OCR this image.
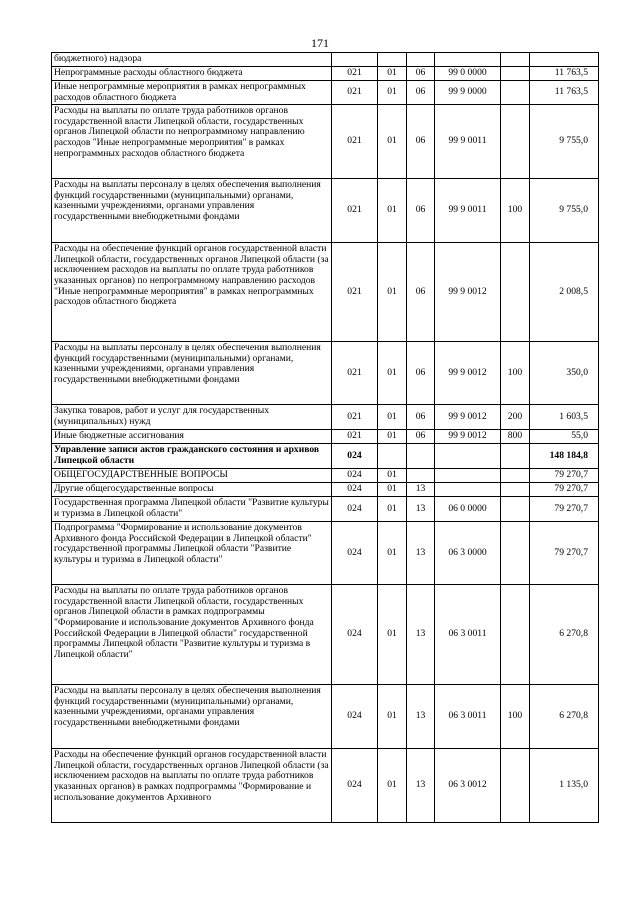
171
бюджетного) надзора						
Непрограммные расходы областного бюджета	021	01	06	99 0 0000		11 763,5
Иные непрограммные мероприятия в рамках непрограммных расходов областного бюджета	021	01	06	99 9 0000		11 763,5
Расходы на выплаты по оплате труда работников органов государственной власти Липецкой области, государственных органов Липецкой области по непрограммному направлению расходов "Иные непрограммные мероприятия" в рамках непрограммных расходов областного бюджета	021	01	06	99 9 0011		9 755,0
Расходы на выплаты персоналу в целях обеспечения выполнения функций государственными (муниципальными) органами, казенными учреждениями, органами управления государственными внебюджетными фондами	021	01	06	99 9 0011	100	9 755,0
Расходы на обеспечение функций органов государственной власти Липецкой области, государственных органов Липецкой области (за исключением расходов на выплаты по оплате труда работников указанных органов) по непрограммному направлению расходов "Иные непрограммные мероприятия" в рамках непрограммных расходов областного бюджета	021	01	06	99 9 0012		2 008,5
Расходы на выплаты персоналу в целях обеспечения выполнения функций государственными (муниципальными) органами, казенными учреждениями, органами управления государственными внебюджетными фондами	021	01	06	99 9 0012	100	350,0
Закупка товаров, работ и услуг для государственных (муниципальных) нужд	021	01	06	99 9 0012	200	1 603,5
Иные бюджетные ассигнования	021	01	06	99 9 0012	800	55,0
Управление записи актов гражданского состояния и архивов Липецкой области	024					148 184,8
ОБЩЕГОСУДАРСТВЕННЫЕ ВОПРОСЫ	024	01				79 270,7
Другие общегосударственные вопросы	024	01	13			79 270,7
Государственная программа Липецкой области "Развитие культуры и туризма в Липецкой области"	024	01	13	06 0 0000		79 270,7
Подпрограмма "Формирование и использование документов Архивного фонда Российской Федерации в Липецкой области" государственной программы Липецкой области "Развитие культуры и туризма в Липецкой области"	024	01	13	06 3 0000		79 270,7
Расходы на выплаты по оплате труда работников органов государственной власти Липецкой области, государственных органов Липецкой области в рамках подпрограммы "Формирование и использование документов Архивного фонда Российской Федерации в Липецкой области" государственной программы Липецкой области "Развитие культуры и туризма в Липецкой области"	024	01	13	06 3 0011		6 270,8
Расходы на выплаты персоналу в целях обеспечения выполнения функций государственными (муниципальными) органами, казенными учреждениями, органами управления государственными внебюджетными фондами	024	01	13	06 3 0011	100	6 270,8
Расходы на обеспечение функций органов государственной власти Липецкой области, государственных органов Липецкой области (за исключением расходов на выплаты по оплате труда работников указанных органов) в рамках подпрограммы "Формирование и использование документов Архивного	024	01	13	06 3 0012		1 135,0
